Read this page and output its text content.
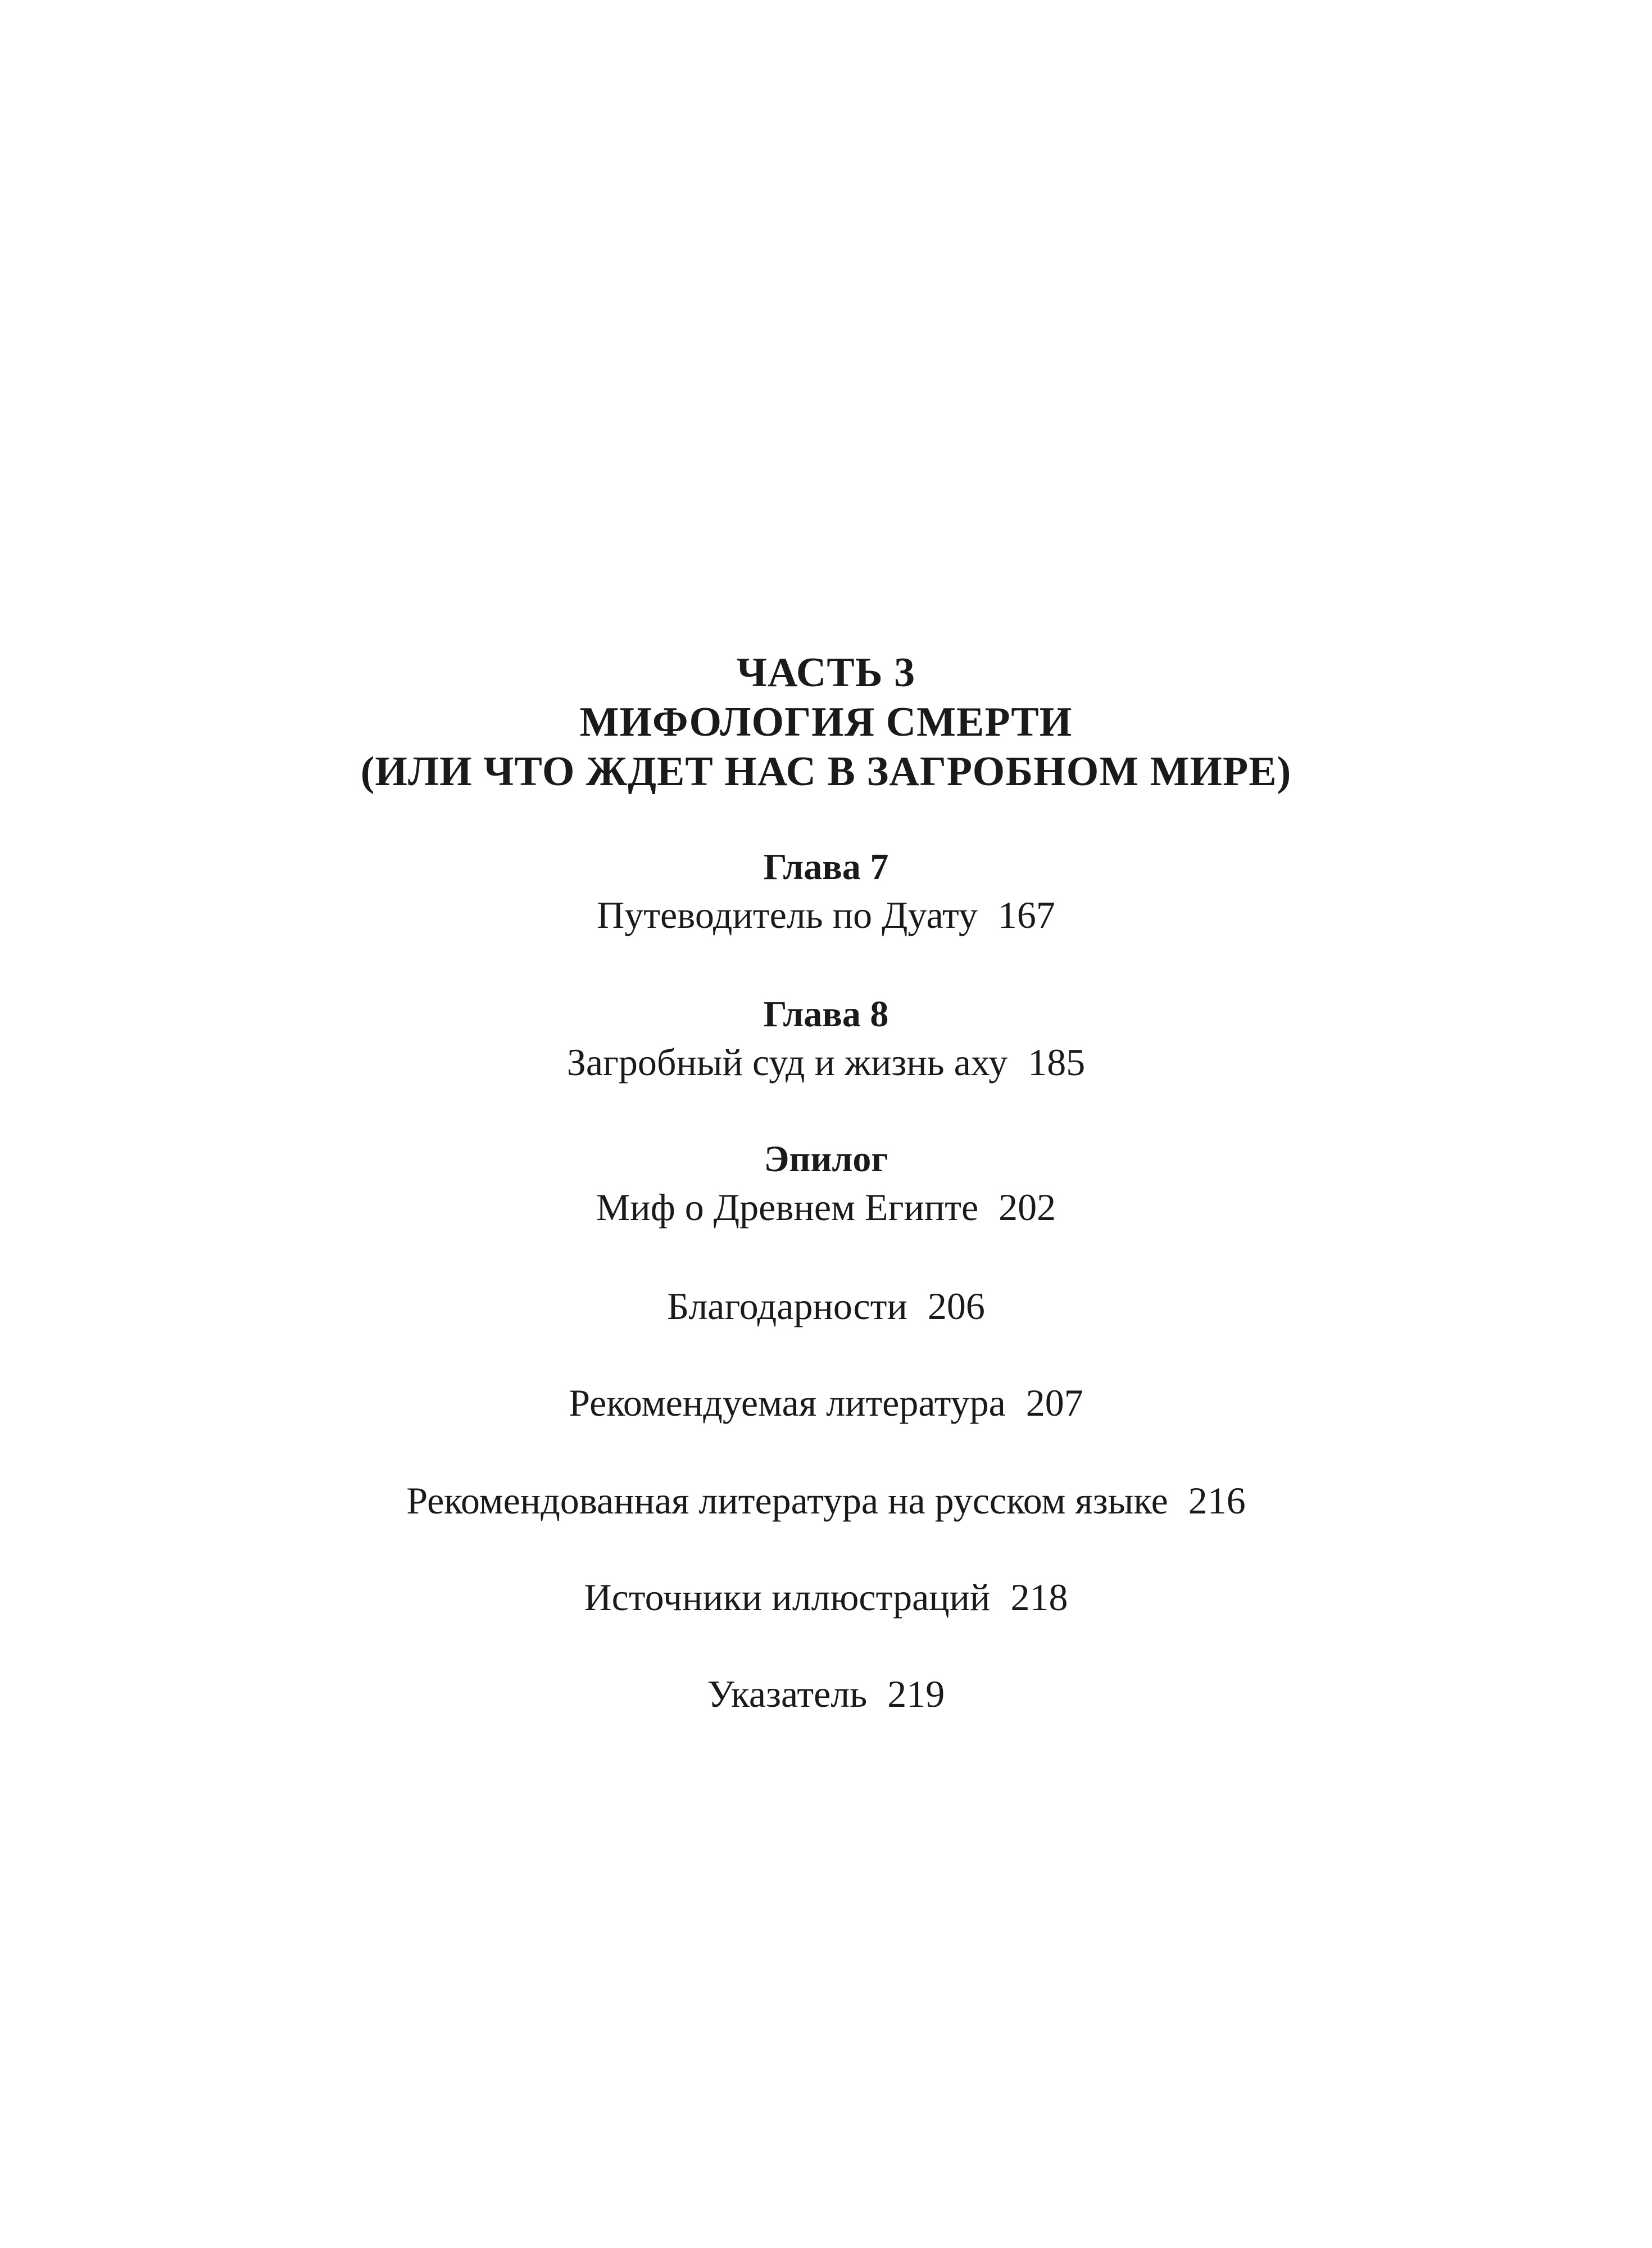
ЧАСТЬ 3
МИФОЛОГИЯ СМЕРТИ
(ИЛИ ЧТО ЖДЕТ НАС В ЗАГРОБНОМ МИРЕ)
Глава 7
Путеводитель по Дуату 167
Глава 8
Загробный суд и жизнь аху 185
Эпилог
Миф о Древнем Египте 202
Благодарности 206
Рекомендуемая литература 207
Рекомендованная литература на русском языке 216
Источники иллюстраций 218
Указатель 219
